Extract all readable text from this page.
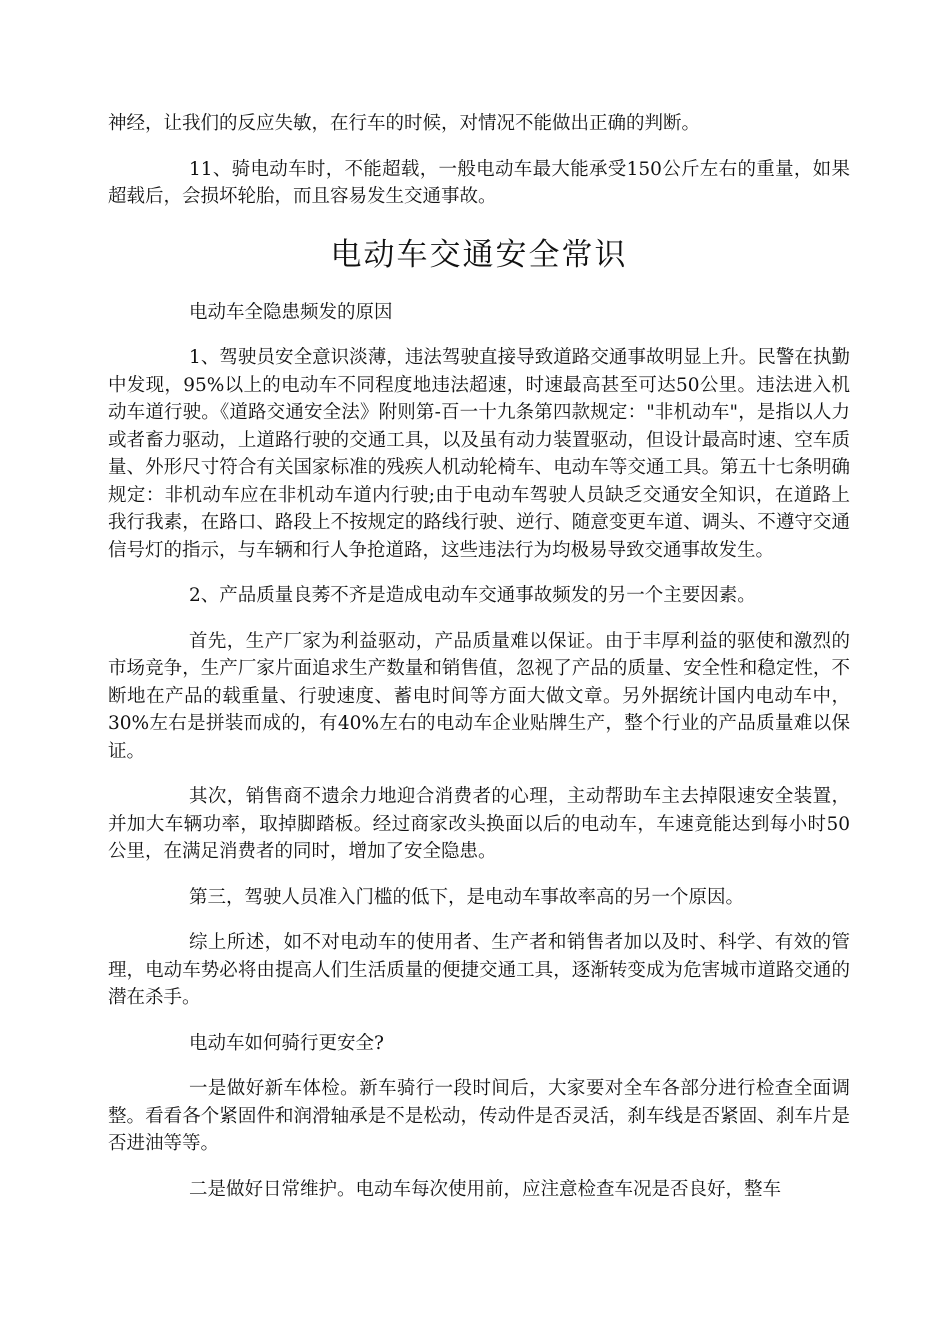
神经，让我们的反应失敏，在行车的时候，对情况不能做出正确的判断。

11、骑电动车时，不能超载，一般电动车最大能承受150公斤左右的重量，如果超载后，会损坏轮胎，而且容易发生交通事故。

电动车交通安全常识

电动车全隐患频发的原因

1、驾驶员安全意识淡薄，违法驾驶直接导致道路交通事故明显上升。民警在执勤中发现，95%以上的电动车不同程度地违法超速，时速最高甚至可达50公里。违法进入机动车道行驶。《道路交通安全法》附则第-百一十九条第四款规定："非机动车"，是指以人力或者畜力驱动，上道路行驶的交通工具，以及虽有动力装置驱动，但设计最高时速、空车质量、外形尺寸符合有关国家标准的残疾人机动轮椅车、电动车等交通工具。第五十七条明确规定：非机动车应在非机动车道内行驶;由于电动车驾驶人员缺乏交通安全知识，在道路上我行我素，在路口、路段上不按规定的路线行驶、逆行、随意变更车道、调头、不遵守交通信号灯的指示，与车辆和行人争抢道路，这些违法行为均极易导致交通事故发生。

2、产品质量良莠不齐是造成电动车交通事故频发的另一个主要因素。

首先，生产厂家为利益驱动，产品质量难以保证。由于丰厚利益的驱使和激烈的市场竞争，生产厂家片面追求生产数量和销售值，忽视了产品的质量、安全性和稳定性，不断地在产品的载重量、行驶速度、蓄电时间等方面大做文章。另外据统计国内电动车中，30%左右是拼装而成的，有40%左右的电动车企业贴牌生产，整个行业的产品质量难以保证。

其次，销售商不遗余力地迎合消费者的心理，主动帮助车主去掉限速安全装置，并加大车辆功率，取掉脚踏板。经过商家改头换面以后的电动车，车速竟能达到每小时50公里，在满足消费者的同时，增加了安全隐患。

第三，驾驶人员准入门槛的低下，是电动车事故率高的另一个原因。

综上所述，如不对电动车的使用者、生产者和销售者加以及时、科学、有效的管理，电动车势必将由提高人们生活质量的便捷交通工具，逐渐转变成为危害城市道路交通的潜在杀手。

电动车如何骑行更安全?

一是做好新车体检。新车骑行一段时间后，大家要对全车各部分进行检查全面调整。看看各个紧固件和润滑轴承是不是松动，传动件是否灵活，刹车线是否紧固、刹车片是否进油等等。

二是做好日常维护。电动车每次使用前，应注意检查车况是否良好，整车
